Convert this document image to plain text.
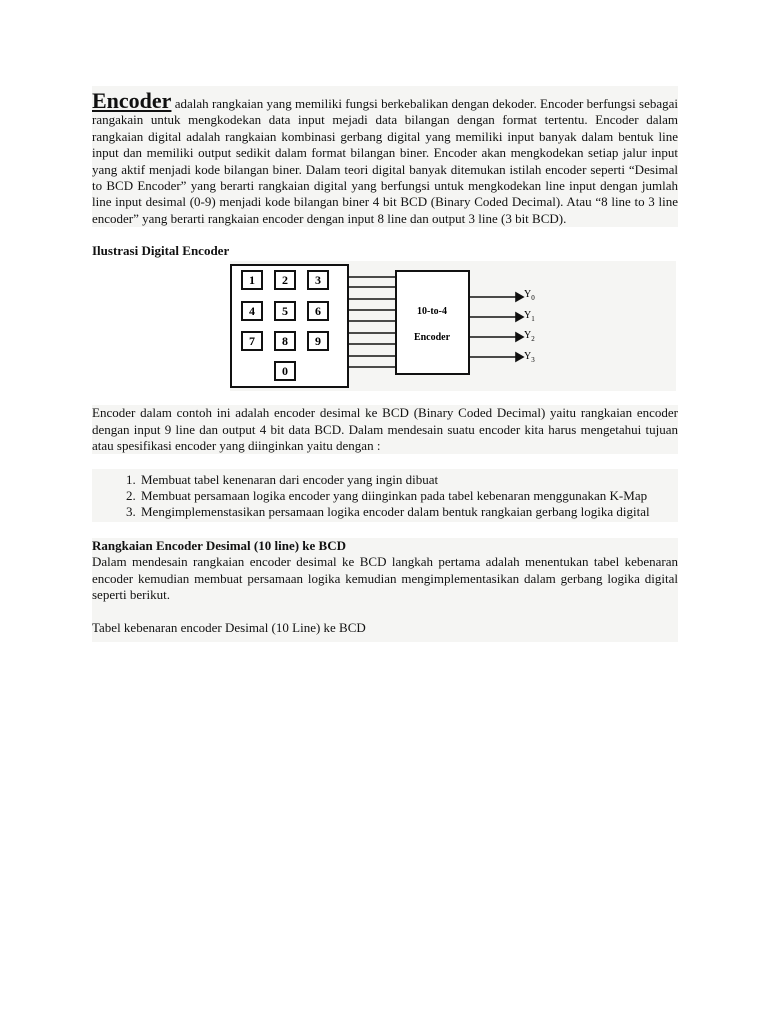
Encoder adalah rangkaian yang memiliki fungsi berkebalikan dengan dekoder. Encoder berfungsi sebagai rangakain untuk mengkodekan data input mejadi data bilangan dengan format tertentu. Encoder dalam rangkaian digital adalah rangkaian kombinasi gerbang digital yang memiliki input banyak dalam bentuk line input dan memiliki output sedikit dalam format bilangan biner. Encoder akan mengkodekan setiap jalur input yang aktif menjadi kode bilangan biner. Dalam teori digital banyak ditemukan istilah encoder seperti “Desimal to BCD Encoder” yang berarti rangkaian digital yang berfungsi untuk mengkodekan line input dengan jumlah line input desimal (0-9) menjadi kode bilangan biner 4 bit BCD (Binary Coded Decimal). Atau “8 line to 3 line encoder” yang berarti rangkaian encoder dengan input 8 line dan output 3 line (3 bit BCD).

Ilustrasi Digital Encoder

1 2 3
4 5 6
7 8 9
0
10-to-4
Encoder
$Y_0$
$Y_1$
$Y_2$
$Y_3$

Encoder dalam contoh ini adalah encoder desimal ke BCD (Binary Coded Decimal) yaitu rangkaian encoder dengan input 9 line dan output 4 bit data BCD. Dalam mendesain suatu encoder kita harus mengetahui tujuan atau spesifikasi encoder yang diinginkan yaitu dengan :

1. Membuat tabel kenenaran dari encoder yang ingin dibuat
2. Membuat persamaan logika encoder yang diinginkan pada tabel kebenaran menggunakan K-Map
3. Mengimplemenstasikan persamaan logika encoder dalam bentuk rangkaian gerbang logika digital

Rangkaian Encoder Desimal (10 line) ke BCD

Dalam mendesain rangkaian encoder desimal ke BCD langkah pertama adalah menentukan tabel kebenaran encoder kemudian membuat persamaan logika kemudian mengimplementasikan dalam gerbang logika digital seperti berikut.

Tabel kebenaran encoder Desimal (10 Line) ke BCD
